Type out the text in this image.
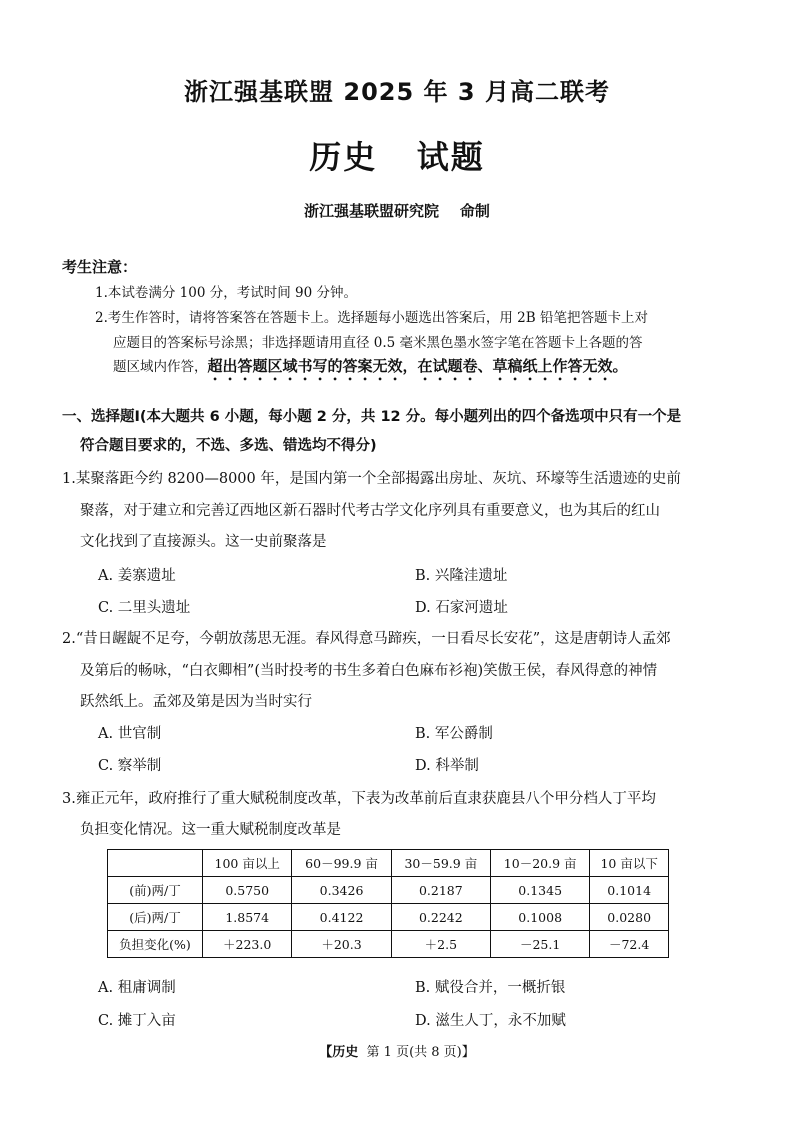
浙江强基联盟 2025 年 3 月高二联考
历史   试题
浙江强基联盟研究院    命制
考生注意：
1.本试卷满分 100 分，考试时间 90 分钟。
2.考生作答时，请将答案答在答题卡上。选择题每小题选出答案后，用 2B 铅笔把答题卡上对
应题目的答案标号涂黑；非选择题请用直径 0.5 毫米黑色墨水签字笔在答题卡上各题的答
题区域内作答，超出答题区域书写的答案无效，在试题卷、草稿纸上作答无效。
一、选择题Ⅰ(本大题共 6 小题，每小题 2 分，共 12 分。每小题列出的四个备选项中只有一个是
符合题目要求的，不选、多选、错选均不得分)
1.某聚落距今约 8200—8000 年，是国内第一个全部揭露出房址、灰坑、环壕等生活遗迹的史前
聚落，对于建立和完善辽西地区新石器时代考古学文化序列具有重要意义，也为其后的红山
文化找到了直接源头。这一史前聚落是
A. 姜寨遗址	B. 兴隆洼遗址
C. 二里头遗址	D. 石家河遗址
2.“昔日龌龊不足夸，今朝放荡思无涯。春风得意马蹄疾，一日看尽长安花”，这是唐朝诗人孟郊
及第后的畅咏，“白衣卿相”(当时投考的书生多着白色麻布衫袍)笑傲王侯，春风得意的神情
跃然纸上。孟郊及第是因为当时实行
A. 世官制	B. 军公爵制
C. 察举制	D. 科举制
3.雍正元年，政府推行了重大赋税制度改革，下表为改革前后直隶获鹿县八个甲分档人丁平均
负担变化情况。这一重大赋税制度改革是
	100 亩以上	60－99.9 亩	30－59.9 亩	10－20.9 亩	10 亩以下
(前)两/丁	0.5750	0.3426	0.2187	0.1345	0.1014
(后)两/丁	1.8574	0.4122	0.2242	0.1008	0.0280
负担变化(%)	＋223.0	＋20.3	＋2.5	－25.1	－72.4
A. 租庸调制	B. 赋役合并，一概折银
C. 摊丁入亩	D. 滋生人丁，永不加赋
【历史 第 1 页(共 8 页)】
